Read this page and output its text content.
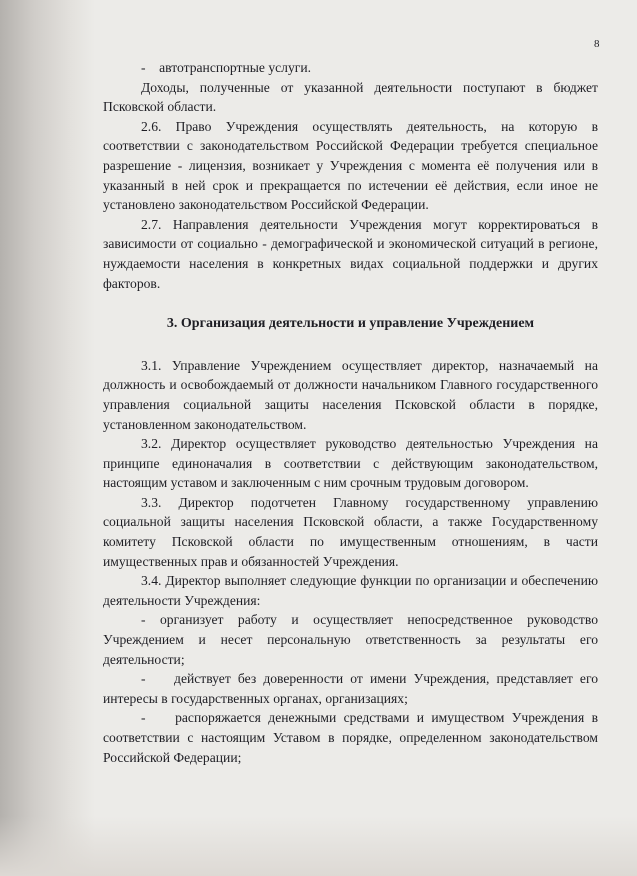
8

-    автотранспортные услуги.

Доходы, полученные от указанной деятельности поступают в бюджет Псковской области.

2.6. Право Учреждения осуществлять деятельность, на которую в соответствии с законодательством Российской Федерации требуется специальное разрешение - лицензия, возникает у Учреждения с момента её получения или в указанный в ней срок и прекращается по истечении её действия, если иное не установлено законодательством Российской Федерации.

2.7. Направления деятельности Учреждения могут корректироваться в зависимости от социально - демографической и экономической ситуаций в регионе, нуждаемости населения в конкретных видах социальной поддержки и других факторов.

3. Организация деятельности и управление Учреждением

3.1. Управление Учреждением осуществляет директор, назначаемый на должность и освобождаемый от должности начальником Главного государственного управления социальной защиты населения Псковской области в порядке, установленном законодательством.

3.2. Директор осуществляет руководство деятельностью Учреждения на принципе единоначалия в соответствии с действующим законодательством, настоящим уставом и заключенным с ним срочным трудовым договором.

3.3. Директор подотчетен Главному государственному управлению социальной защиты населения Псковской области, а также Государственному комитету Псковской области по имущественным отношениям, в части имущественных прав и обязанностей Учреждения.

3.4. Директор выполняет следующие функции по организации и обеспечению деятельности Учреждения:

- организует работу и осуществляет непосредственное руководство Учреждением и несет персональную ответственность за результаты его деятельности;

-    действует без доверенности от имени Учреждения, представляет его интересы в государственных органах, организациях;

-    распоряжается денежными средствами и имуществом Учреждения в соответствии с настоящим Уставом в порядке, определенном законодательством Российской Федерации;
